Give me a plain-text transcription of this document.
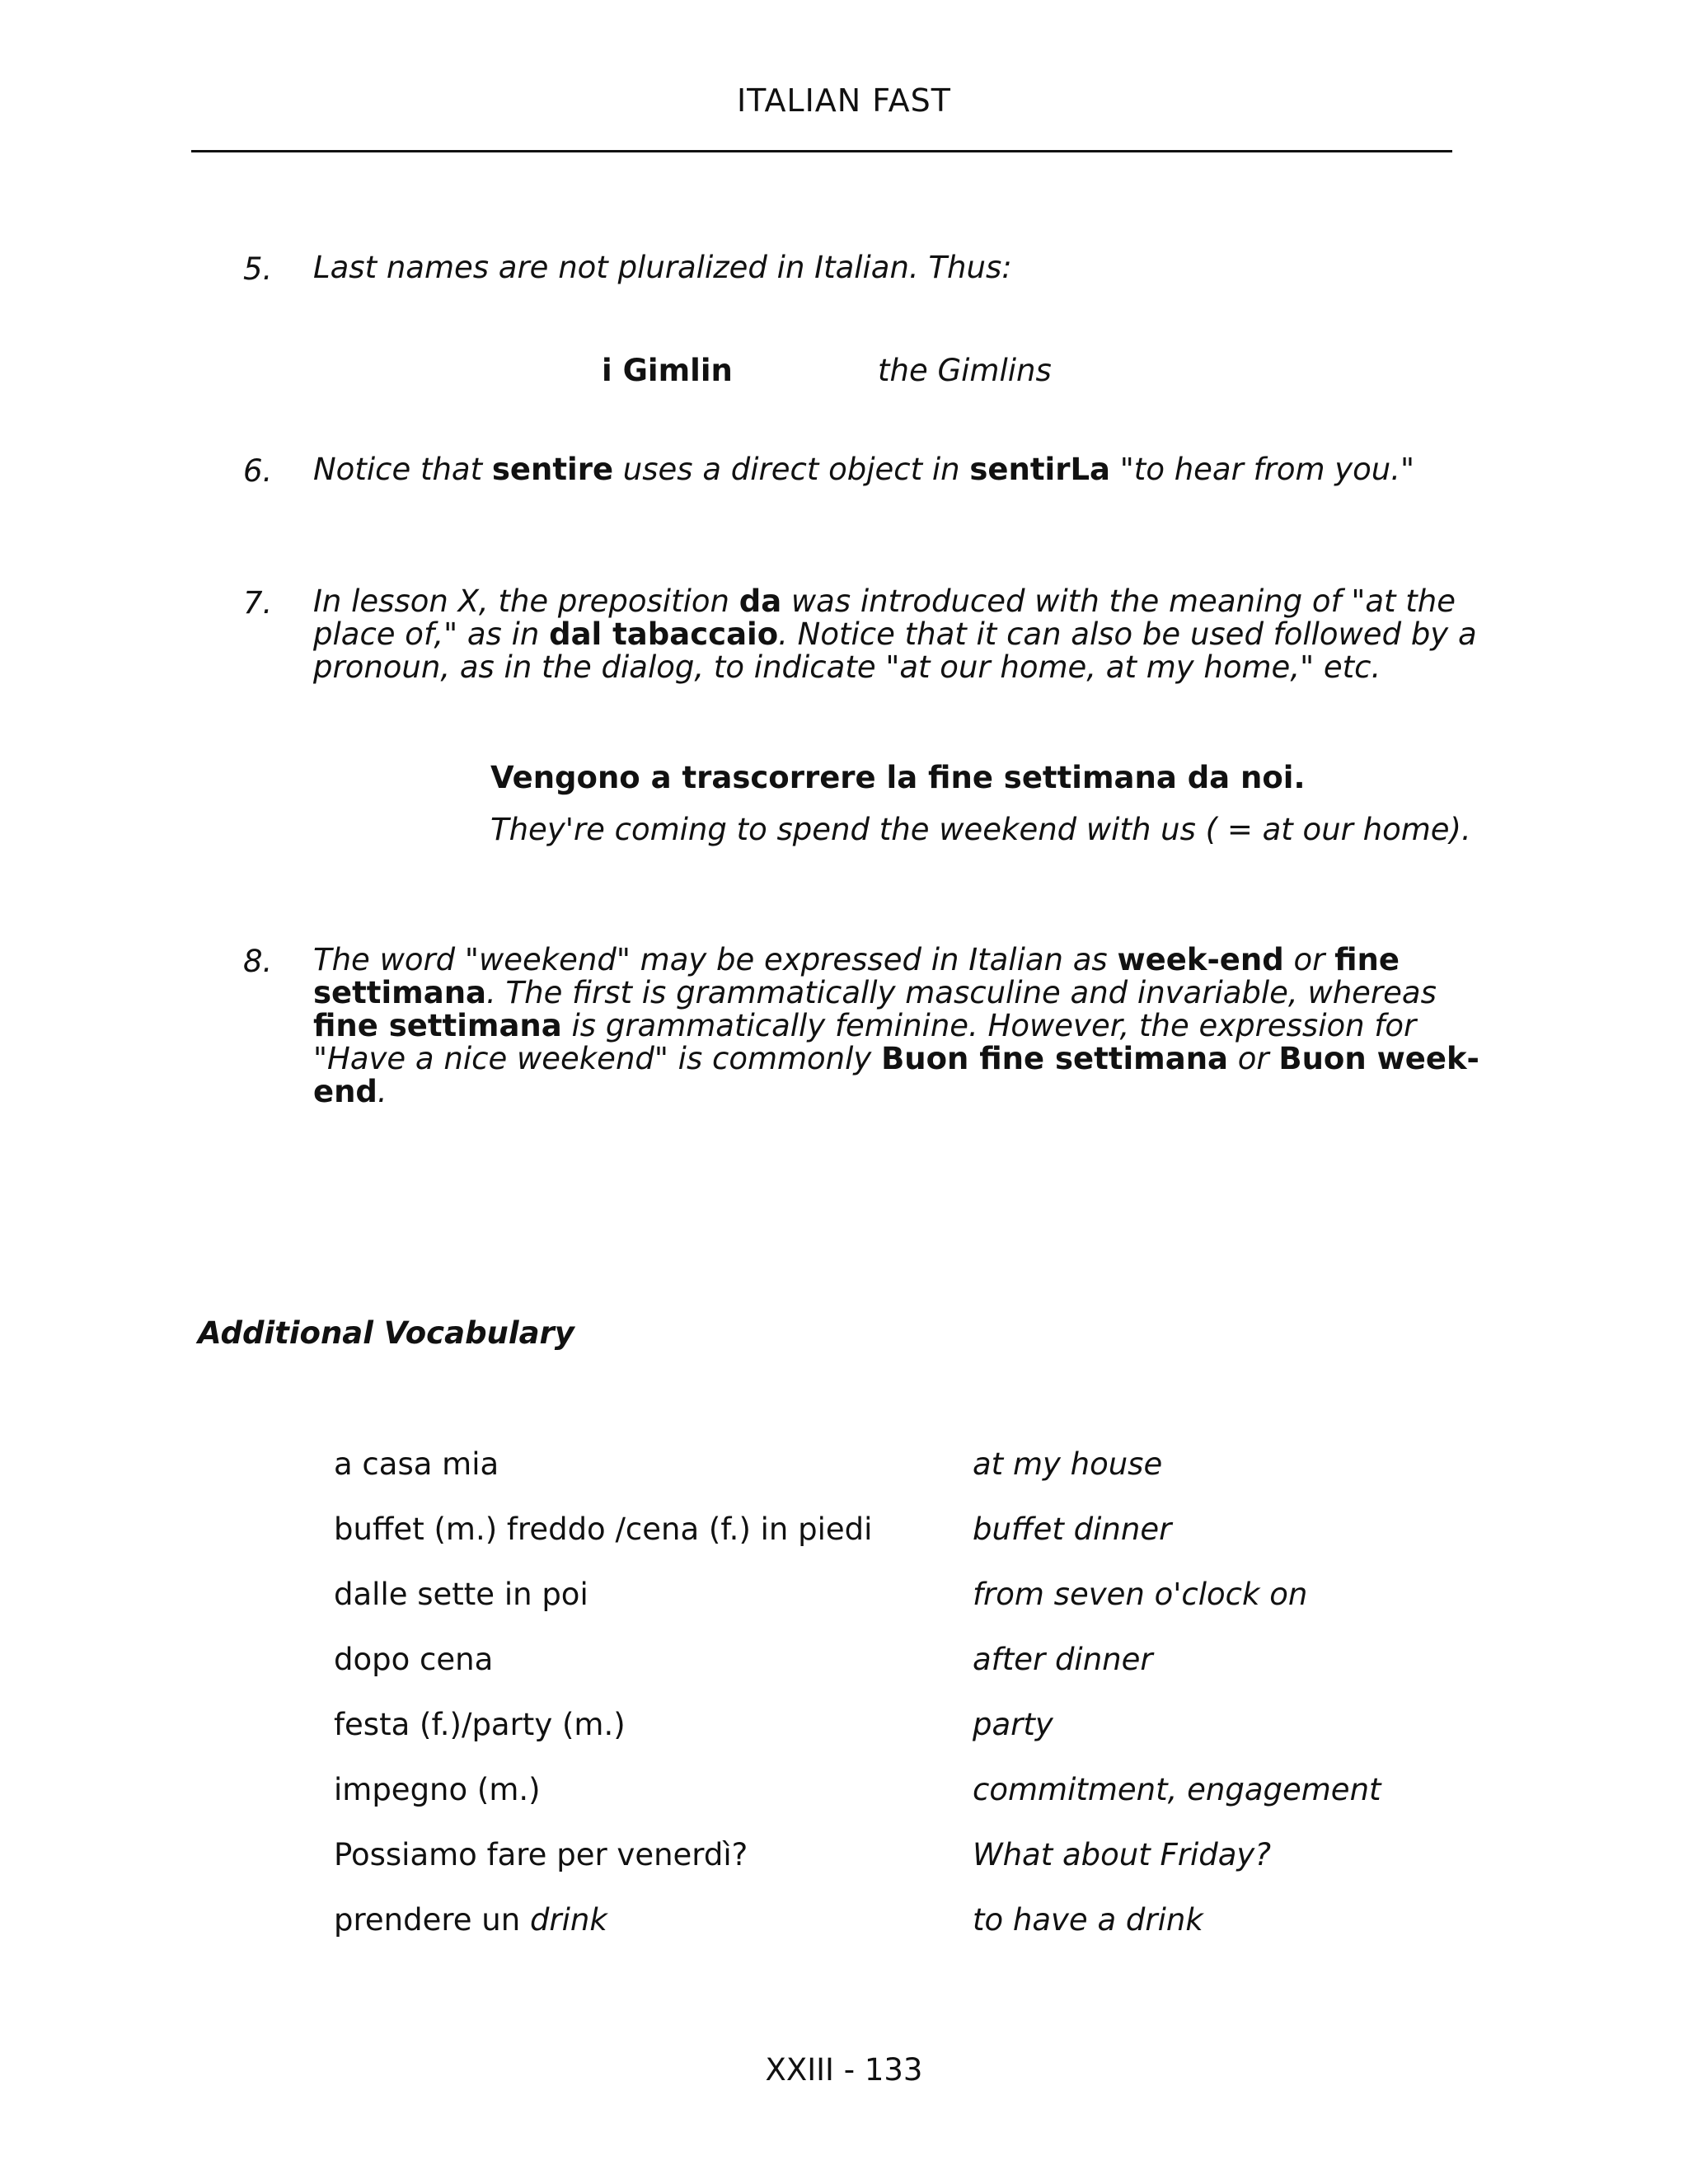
ITALIAN FAST
5. Last names are not pluralized in Italian. Thus:
i Gimlin	the Gimlins
6. Notice that sentire uses a direct object in sentirLa "to hear from you."
7. In lesson X, the preposition da was introduced with the meaning of "at the place of," as in dal tabaccaio. Notice that it can also be used followed by a pronoun, as in the dialog, to indicate "at our home, at my home," etc.
Vengono a trascorrere la fine settimana da noi.
They're coming to spend the weekend with us ( = at our home).
8. The word "weekend" may be expressed in Italian as week-end or fine settimana. The first is grammatically masculine and invariable, whereas fine settimana is grammatically feminine. However, the expression for "Have a nice weekend" is commonly Buon fine settimana or Buon week-end.
Additional Vocabulary
a casa mia	at my house
buffet (m.) freddo /cena (f.) in piedi	buffet dinner
dalle sette in poi	from seven o'clock on
dopo cena	after dinner
festa (f.)/party (m.)	party
impegno (m.)	commitment, engagement
Possiamo fare per venerdì?	What about Friday?
prendere un drink	to have a drink
XXIII - 133
